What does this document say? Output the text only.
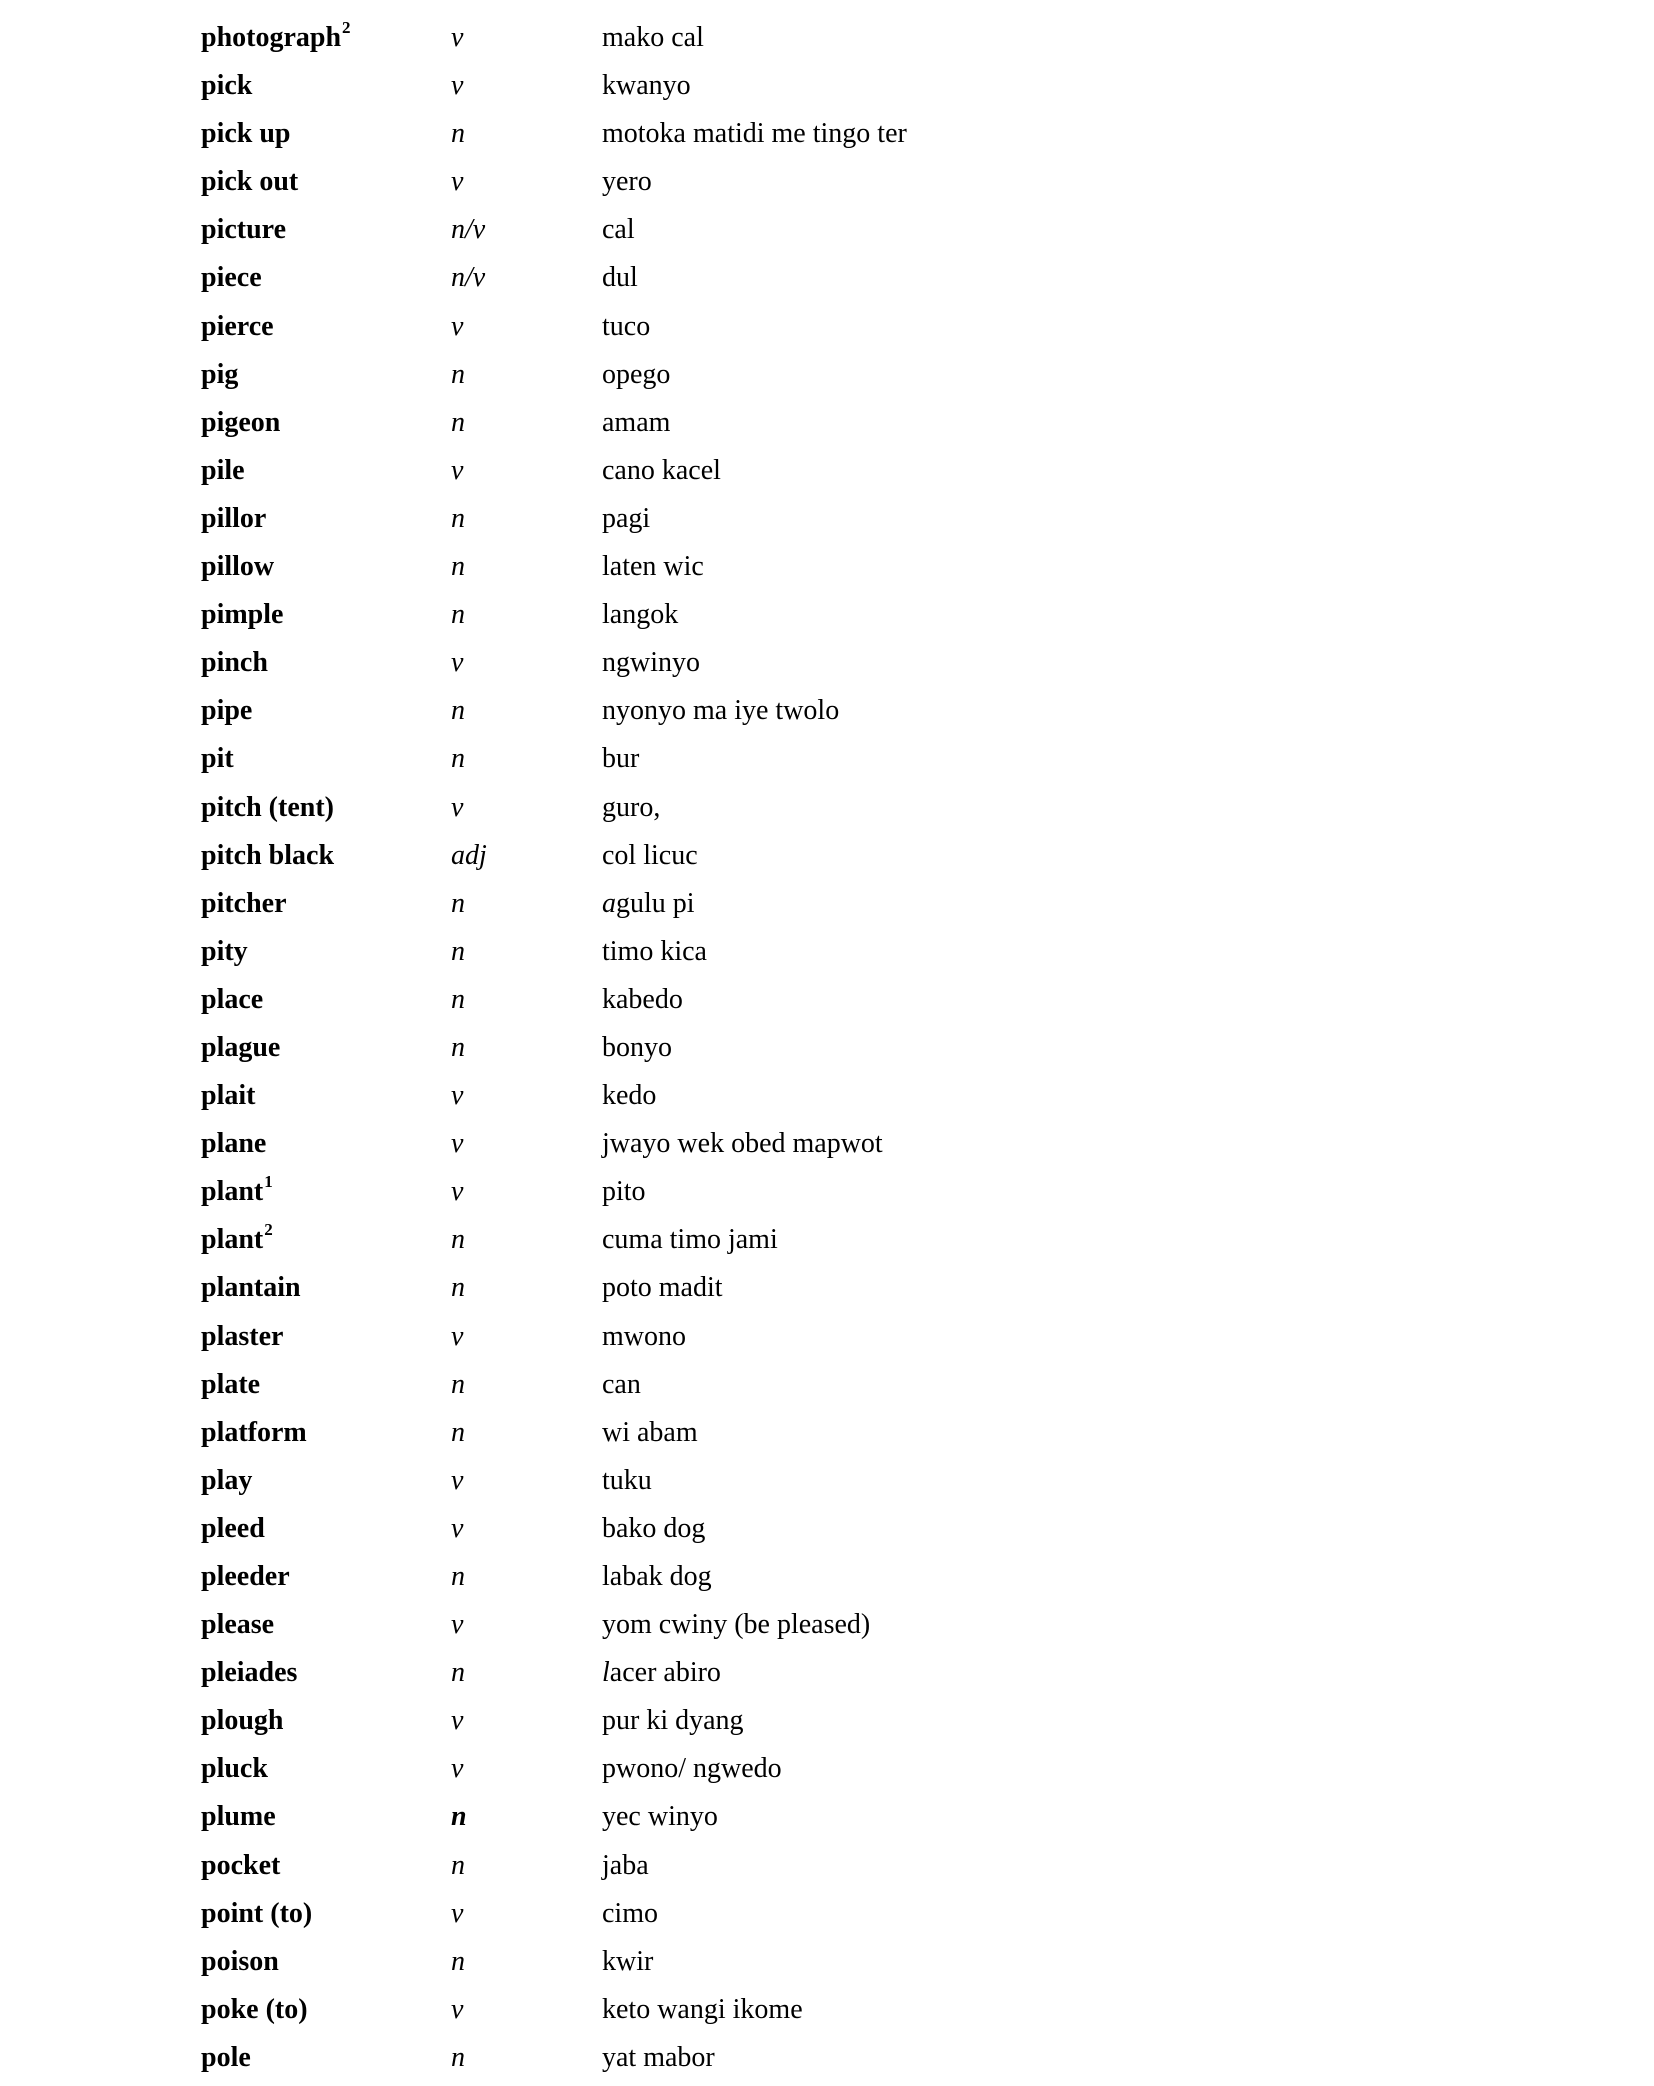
photograph$^2$	v	mako cal
pick	v	kwanyo
pick up	n	motoka matidi me tingo ter
pick out	v	yero
picture	n/v	cal
piece	n/v	dul
pierce	v	tuco
pig	n	opego
pigeon	n	amam
pile	v	cano kacel
pillor	n	pagi
pillow	n	laten wic
pimple	n	langok
pinch	v	ngwinyo
pipe	n	nyonyo ma iye twolo
pit	n	bur
pitch (tent)	v	guro,
pitch black	adj	col licuc
pitcher	n	agulu pi
pity	n	timo kica
place	n	kabedo
plague	n	bonyo
plait	v	kedo
plane	v	jwayo wek obed mapwot
plant$^1$	v	pito
plant$^2$	n	cuma timo jami
plantain	n	poto madit
plaster	v	mwono
plate	n	can
platform	n	wi abam
play	v	tuku
pleed	v	bako dog
pleeder	n	labak dog
please	v	yom cwiny (be pleased)
pleiades	n	lacer abiro
plough	v	pur ki dyang
pluck	v	pwono/ ngwedo
plume	n	yec winyo
pocket	n	jaba
point (to)	v	cimo
poison	n	kwir
poke (to)	v	keto wangi ikome
pole	n	yat mabor
